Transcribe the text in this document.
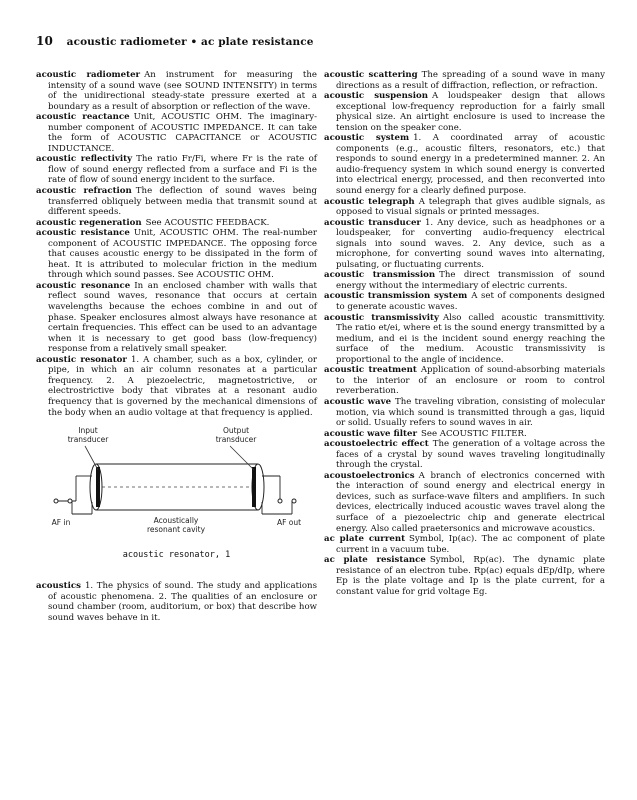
10 acoustic radiometer • ac plate resistance

acoustic radiometer An instrument for measuring the intensity of a sound wave (see SOUND INTENSITY) in terms of the unidirectional steady-state pressure exerted at a boundary as a result of absorption or reflection of the wave.

acoustic reactance Unit, ACOUSTIC OHM. The imaginary-number component of ACOUSTIC IMPEDANCE. It can take the form of ACOUSTIC CAPACITANCE or ACOUSTIC INDUCTANCE.

acoustic reflectivity The ratio Fr/Fi, where Fr is the rate of flow of sound energy reflected from a surface and Fi is the rate of flow of sound energy incident to the surface.

acoustic refraction The deflection of sound waves being transferred obliquely between media that transmit sound at different speeds.

acoustic regeneration See ACOUSTIC FEEDBACK.

acoustic resistance Unit, ACOUSTIC OHM. The real-number component of ACOUSTIC IMPEDANCE. The opposing force that causes acoustic energy to be dissipated in the form of heat. It is attributed to molecular friction in the medium through which sound passes. See ACOUSTIC OHM.

acoustic resonance In an enclosed chamber with walls that reflect sound waves, resonance that occurs at certain wavelengths because the echoes combine in and out of phase. Speaker enclosures almost always have resonance at certain frequencies. This effect can be used to an advantage when it is necessary to get good bass (low-frequency) response from a relatively small speaker.

acoustic resonator 1. A chamber, such as a box, cylinder, or pipe, in which an air column resonates at a particular frequency. 2. A piezoelectric, magnetostrictive, or electrostrictive body that vibrates at a resonant audio frequency that is governed by the mechanical dimensions of the body when an audio voltage at that frequency is applied.

Input transducer
Output transducer
Acoustically resonant cavity
AF in	AF out
acoustic resonator, 1

acoustics 1. The physics of sound. The study and applications of acoustic phenomena. 2. The qualities of an enclosure or sound chamber (room, auditorium, or box) that describe how sound waves behave in it.

acoustic scattering The spreading of a sound wave in many directions as a result of diffraction, reflection, or refraction.

acoustic suspension A loudspeaker design that allows exceptional low-frequency reproduction for a fairly small physical size. An airtight enclosure is used to increase the tension on the speaker cone.

acoustic system 1. A coordinated array of acoustic components (e.g., acoustic filters, resonators, etc.) that responds to sound energy in a predetermined manner. 2. An audio-frequency system in which sound energy is converted into electrical energy, processed, and then reconverted into sound energy for a clearly defined purpose.

acoustic telegraph A telegraph that gives audible signals, as opposed to visual signals or printed messages.

acoustic transducer 1. Any device, such as headphones or a loudspeaker, for converting audio-frequency electrical signals into sound waves. 2. Any device, such as a microphone, for converting sound waves into alternating, pulsating, or fluctuating currents.

acoustic transmission The direct transmission of sound energy without the intermediary of electric currents.

acoustic transmission system A set of components designed to generate acoustic waves.

acoustic transmissivity Also called acoustic transmittivity. The ratio et/ei, where et is the sound energy transmitted by a medium, and ei is the incident sound energy reaching the surface of the medium. Acoustic transmissivity is proportional to the angle of incidence.

acoustic treatment Application of sound-absorbing materials to the interior of an enclosure or room to control reverberation.

acoustic wave The traveling vibration, consisting of molecular motion, via which sound is transmitted through a gas, liquid or solid. Usually refers to sound waves in air.

acoustic wave filter See ACOUSTIC FILTER.

acoustoelectric effect The generation of a voltage across the faces of a crystal by sound waves traveling longitudinally through the crystal.

acoustoelectronics A branch of electronics concerned with the interaction of sound energy and electrical energy in devices, such as surface-wave filters and amplifiers. In such devices, electrically induced acoustic waves travel along the surface of a piezoelectric chip and generate electrical energy. Also called praetersonics and microwave acoustics.

ac plate current Symbol, Ip(ac). The ac component of plate current in a vacuum tube.

ac plate resistance Symbol, Rp(ac). The dynamic plate resistance of an electron tube. Rp(ac) equals dEp/dIp, where Ep is the plate voltage and Ip is the plate current, for a constant value for grid voltage Eg.
